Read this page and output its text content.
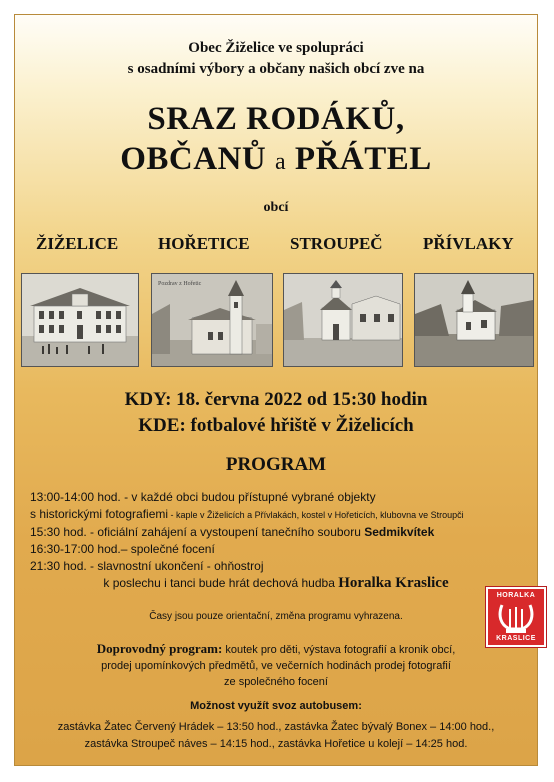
Obec Žiželice ve spolupráci
s osadními výbory a občany našich obcí zve na
SRAZ RODÁKŮ,
OBČANŮ a PŘÁTEL
obcí
ŽIŽELICE HOŘETICE STROUPEČ PŘÍVLAKY
Pozdrav z Hořetic
KDY: 18. června 2022 od 15:30 hodin
KDE: fotbalové hřiště v Žiželicích
PROGRAM
13:00-14:00 hod. - v každé obci budou přístupné vybrané objekty
s historickými fotografiemi - kaple v Žiželicích a Přívlakách, kostel v Hořeticích, klubovna ve Stroupči
15:30 hod. - oficiální zahájení a vystoupení tanečního souboru Sedmikvítek
16:30-17:00 hod.– společné focení
21:30 hod. - slavnostní ukončení - ohňostroj
k poslechu i tanci bude hrát dechová hudba Horalka Kraslice
HORALKA
KRASLICE
Časy jsou pouze orientační, změna programu vyhrazena.
Doprovodný program: koutek pro děti, výstava fotografií a kronik obcí,
prodej upomínkových předmětů, ve večerních hodinách prodej fotografií
ze společného focení
Možnost využít svoz autobusem:
zastávka Žatec Červený Hrádek – 13:50 hod., zastávka Žatec bývalý Bonex – 14:00 hod.,
zastávka Stroupeč náves – 14:15 hod., zastávka Hořetice u kolejí – 14:25 hod.
